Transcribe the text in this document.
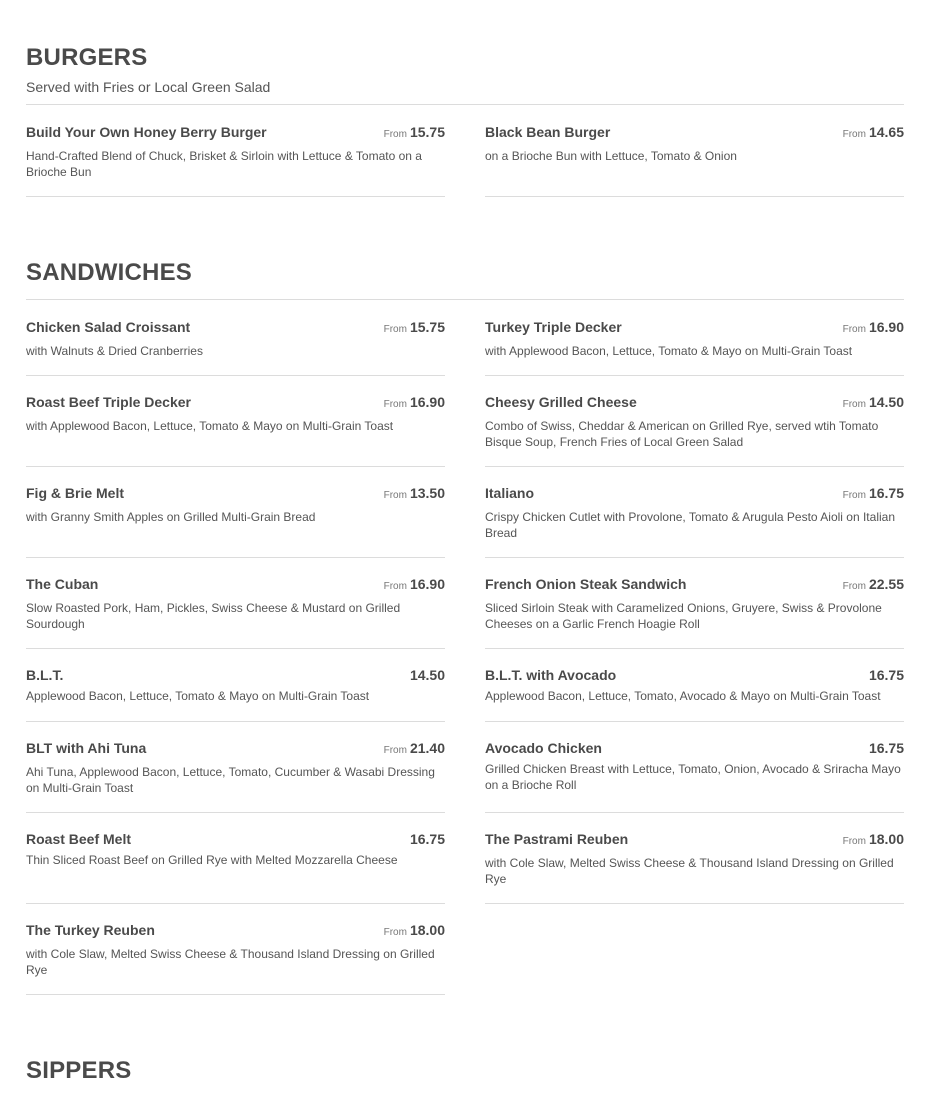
BURGERS
Served with Fries or Local Green Salad
Build Your Own Honey Berry Burger	From 15.75
Hand-Crafted Blend of Chuck, Brisket & Sirloin with Lettuce & Tomato on a Brioche Bun
Black Bean Burger	From 14.65
on a Brioche Bun with Lettuce, Tomato & Onion
SANDWICHES
Chicken Salad Croissant	From 15.75
with Walnuts & Dried Cranberries
Turkey Triple Decker	From 16.90
with Applewood Bacon, Lettuce, Tomato & Mayo on Multi-Grain Toast
Roast Beef Triple Decker	From 16.90
with Applewood Bacon, Lettuce, Tomato & Mayo on Multi-Grain Toast
Cheesy Grilled Cheese	From 14.50
Combo of Swiss, Cheddar & American on Grilled Rye, served wtih Tomato Bisque Soup, French Fries of Local Green Salad
Fig & Brie Melt	From 13.50
with Granny Smith Apples on Grilled Multi-Grain Bread
Italiano	From 16.75
Crispy Chicken Cutlet with Provolone, Tomato & Arugula Pesto Aioli on Italian Bread
The Cuban	From 16.90
Slow Roasted Pork, Ham, Pickles, Swiss Cheese & Mustard on Grilled Sourdough
French Onion Steak Sandwich	From 22.55
Sliced Sirloin Steak with Caramelized Onions, Gruyere, Swiss & Provolone Cheeses on a Garlic French Hoagie Roll
B.L.T.	14.50
Applewood Bacon, Lettuce, Tomato & Mayo on Multi-Grain Toast
B.L.T. with Avocado	16.75
Applewood Bacon, Lettuce, Tomato, Avocado & Mayo on Multi-Grain Toast
BLT with Ahi Tuna	From 21.40
Ahi Tuna, Applewood Bacon, Lettuce, Tomato, Cucumber & Wasabi Dressing on Multi-Grain Toast
Avocado Chicken	16.75
Grilled Chicken Breast with Lettuce, Tomato, Onion, Avocado & Sriracha Mayo on a Brioche Roll
Roast Beef Melt	16.75
Thin Sliced Roast Beef on Grilled Rye with Melted Mozzarella Cheese
The Pastrami Reuben	From 18.00
with Cole Slaw, Melted Swiss Cheese & Thousand Island Dressing on Grilled Rye
The Turkey Reuben	From 18.00
with Cole Slaw, Melted Swiss Cheese & Thousand Island Dressing on Grilled Rye
SIPPERS
